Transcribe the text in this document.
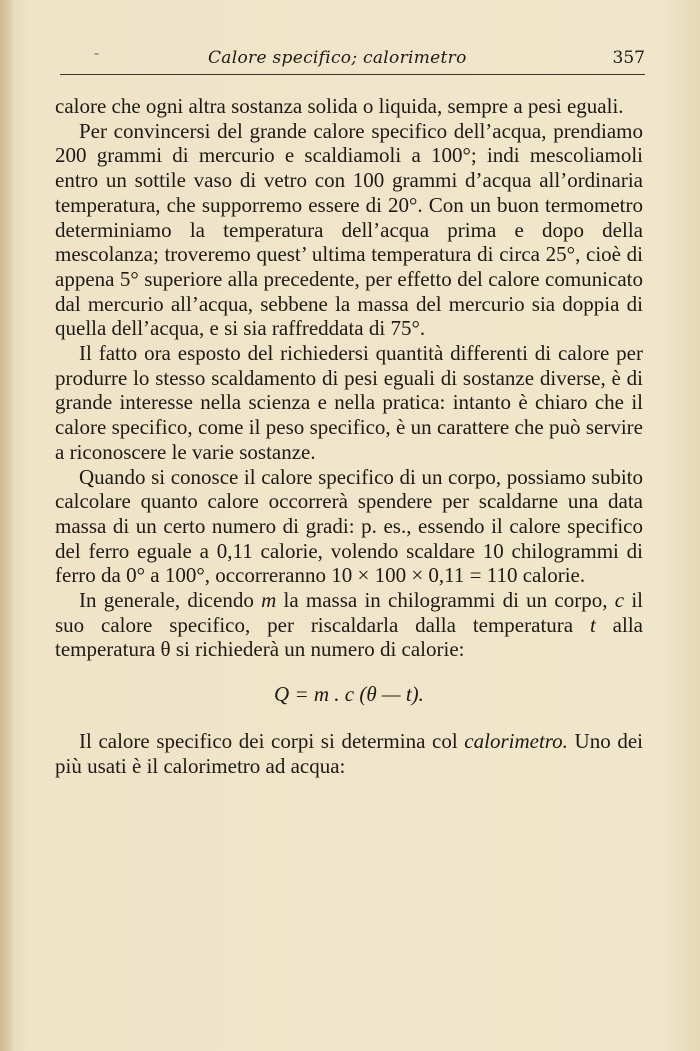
-	Calore specifico; calorimetro	357

calore che ogni altra sostanza solida o liquida, sempre a pesi eguali.

Per convincersi del grande calore specifico dell’acqua, prendiamo 200 grammi di mercurio e scaldiamoli a 100°; indi mescoliamoli entro un sottile vaso di vetro con 100 grammi d’acqua all’ordinaria temperatura, che supporremo essere di 20°. Con un buon termometro determiniamo la temperatura dell’acqua prima e dopo della mescolanza; troveremo quest’ ultima temperatura di circa 25°, cioè di appena 5° superiore alla precedente, per effetto del calore comunicato dal mercurio all’acqua, sebbene la massa del mercurio sia doppia di quella dell’acqua, e si sia raffreddata di 75°.

Il fatto ora esposto del richiedersi quantità differenti di calore per produrre lo stesso scaldamento di pesi eguali di sostanze diverse, è di grande interesse nella scienza e nella pratica: intanto è chiaro che il calore specifico, come il peso specifico, è un carattere che può servire a riconoscere le varie sostanze.

Quando si conosce il calore specifico di un corpo, possiamo subito calcolare quanto calore occorrerà spendere per scaldarne una data massa di un certo numero di gradi: p. es., essendo il calore specifico del ferro eguale a 0,11 calorie, volendo scaldare 10 chilogrammi di ferro da 0° a 100°, occorreranno 10 × 100 × 0,11 = 110 calorie.

In generale, dicendo m la massa in chilogrammi di un corpo, c il suo calore specifico, per riscaldarla dalla temperatura t alla temperatura θ si richiederà un numero di calorie:

Q = m . c (θ — t).

Il calore specifico dei corpi si determina col calorimetro. Uno dei più usati è il calorimetro ad acqua:
